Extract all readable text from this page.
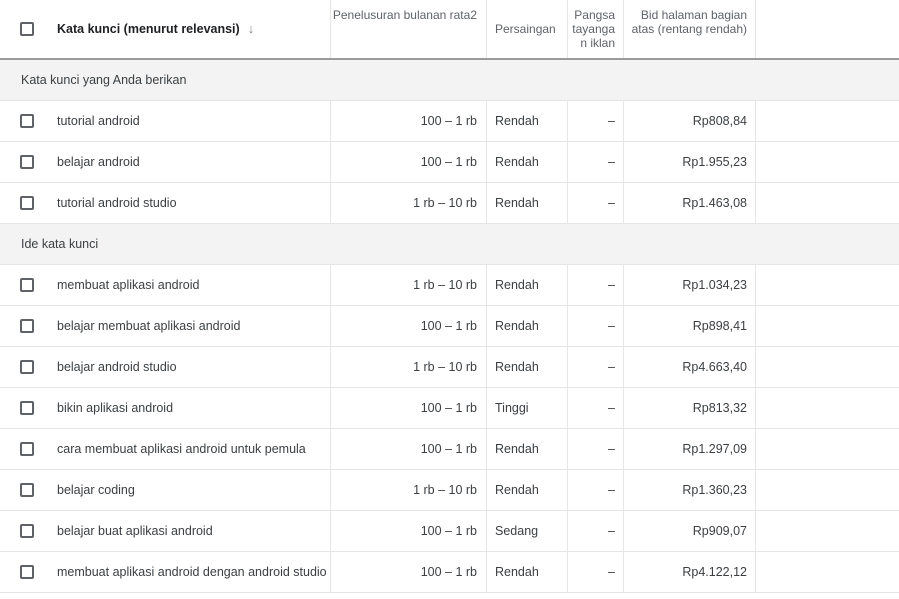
Kata kunci (menurut relevansi) ↓
Penelusuran bulanan rata2
Persaingan
Pangsa tayangan iklan
Bid halaman bagian atas (rentang rendah)
Kata kunci yang Anda berikan
tutorial android	100 – 1 rb Rendah	–	Rp808,84
belajar android	100 – 1 rb Rendah	–	Rp1.955,23
tutorial android studio	1 rb – 10 rb Rendah	–	Rp1.463,08
Ide kata kunci
membuat aplikasi android	1 rb – 10 rb Rendah	–	Rp1.034,23
belajar membuat aplikasi android	100 – 1 rb Rendah	–	Rp898,41
belajar android studio	1 rb – 10 rb Rendah	–	Rp4.663,40
bikin aplikasi android	100 – 1 rb Tinggi	–	Rp813,32
cara membuat aplikasi android untuk pemula	100 – 1 rb Rendah	–	Rp1.297,09
belajar coding	1 rb – 10 rb Rendah	–	Rp1.360,23
belajar buat aplikasi android	100 – 1 rb Sedang	–	Rp909,07
membuat aplikasi android dengan android studio	100 – 1 rb Rendah	–	Rp4.122,12
